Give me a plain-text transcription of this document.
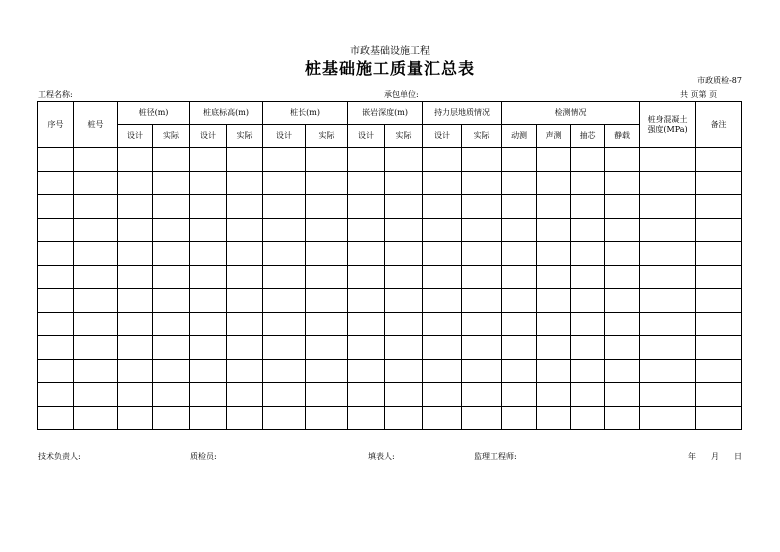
市政基础设施工程
桩基础施工质量汇总表
市政质检-87
工程名称:	承包单位:	共 页第 页
序号	桩号	桩径(m)		桩底标高(m)		桩长(m)		嵌岩深度(m)		持力层地质情况		检测情况				桩身混凝土强度(MPa)	备注
		设计	实际	设计	实际	设计	实际	设计	实际	设计	实际	动测	声测	抽芯	静载		

技术负责人:	质检员:	填表人:	监理工程师:	年 月 日
